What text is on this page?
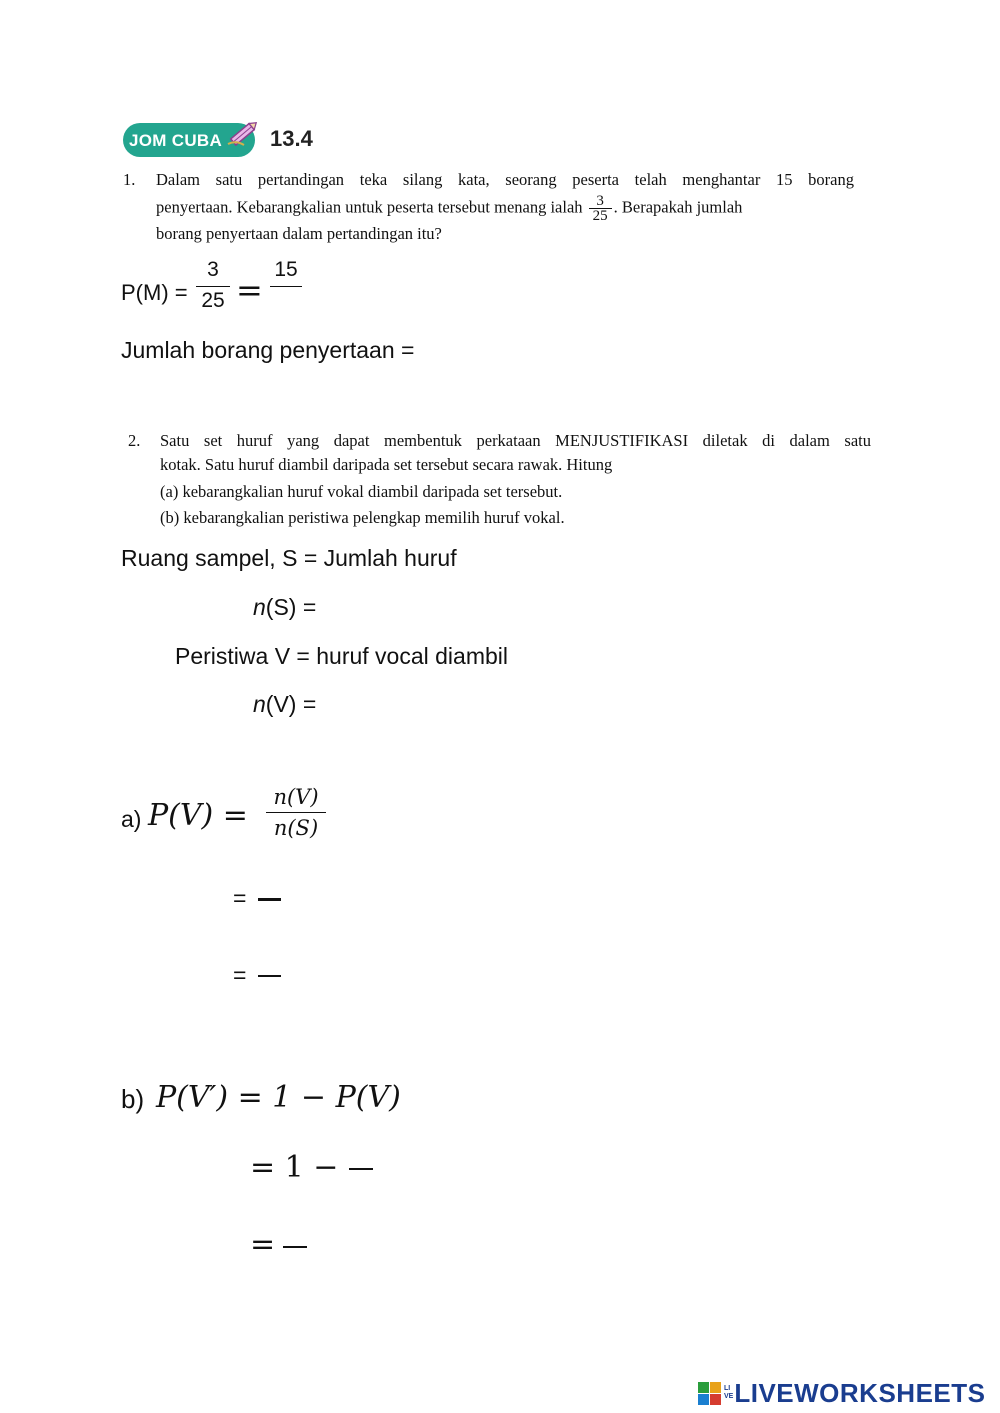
JOM CUBA 13.4
1. Dalam satu pertandingan teka silang kata, seorang peserta telah menghantar 15 borang
penyertaan. Kebarangkalian untuk peserta tersebut menang ialah $\frac{3}{25}$ . Berapakah jumlah
borang penyertaan dalam pertandingan itu?
P(M) =
3
25 =
15
Jumlah borang penyertaan =
2. Satu set huruf yang dapat membentuk perkataan MENJUSTIFIKASI diletak di dalam satu
kotak. Satu huruf diambil daripada set tersebut secara rawak. Hitung
(a) kebarangkalian huruf vokal diambil daripada set tersebut.
(b) kebarangkalian peristiwa pelengkap memilih huruf vokal.
Ruang sampel, S = Jumlah huruf
n(S) =
Peristiwa V = huruf vocal diambil
n(V) =
a) P(V) =
n(V)
n(S)
=
=
b) P(V′) = 1 − P(V)
= 1 −
=
LI
VE LIVEWORKSHEETS
